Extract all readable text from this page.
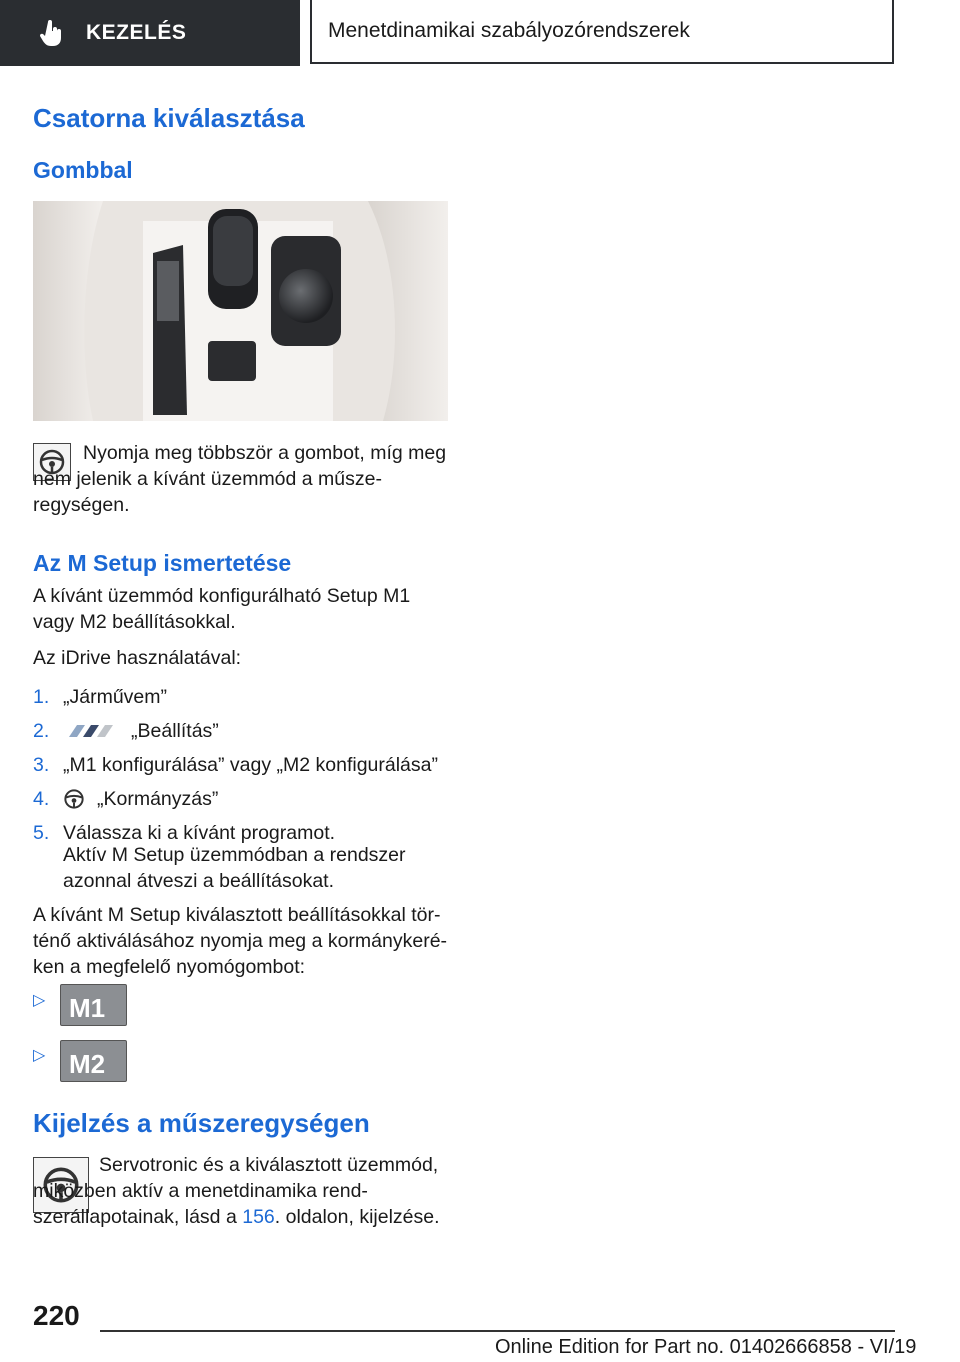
KEZELÉS	Menetdinamikai szabályozórendszerek
Csatorna kiválasztása
Gombbal

Nyomja meg többször a gombot, míg meg nem jelenik a kívánt üzemmód a műszeregységen.

Az M Setup ismertetése

A kívánt üzemmód konfigurálható Setup M1 vagy M2 beállításokkal.

Az iDrive használatával:

1. „Járművem”
2.	„Beállítás”
3. „M1 konfigurálása” vagy „M2 konfigurálása”
4.	„Kormányzás”
5. Válassza ki a kívánt programot.

Aktív M Setup üzemmódban a rendszer azonnal átveszi a beállításokat.

A kívánt M Setup kiválasztott beállításokkal történő aktiválásához nyomja meg a kormánykeréken a megfelelő nyomógombot:

▷ M1
▷ M2
Kijelzés a műszeregységen

Servotronic és a kiválasztott üzemmód, miközben aktív a menetdinamika rendszerállapotainak, lásd a 156. oldalon, kijelzése.

220
Online Edition for Part no. 01402666858 - VI/19
